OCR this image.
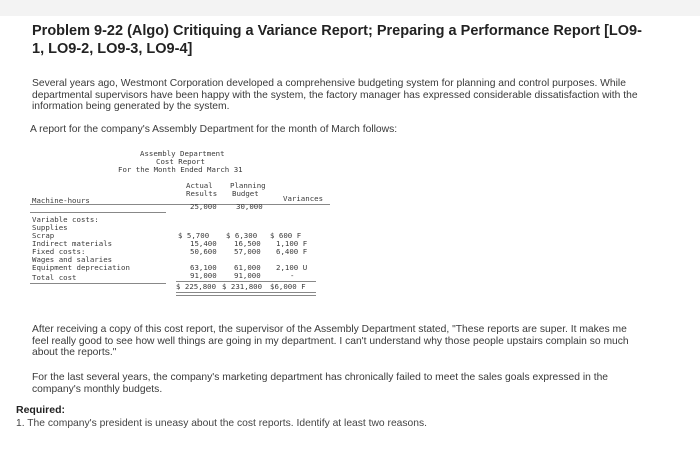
Problem 9-22 (Algo) Critiquing a Variance Report; Preparing a Performance Report [LO9-1, LO9-2, LO9-3, LO9-4]
Several years ago, Westmont Corporation developed a comprehensive budgeting system for planning and control purposes. While departmental supervisors have been happy with the system, the factory manager has expressed considerable dissatisfaction with the information being generated by the system.
A report for the company's Assembly Department for the month of March follows:
Assembly Department
Cost Report
For the Month Ended March 31
Actual
Results
Planning
Budget
Variances
Machine-hours
25,000	30,000
Variable costs:
Supplies
$ 5,700 $ 6,300 $ 600 F
Scrap
15,400 16,500 1,100 F
Indirect materials
50,600 57,000 6,400 F
Fixed costs:
Wages and salaries
63,100 61,000 2,100 U
Equipment depreciation
91,000 91,000	-
Total cost
$ 225,800 $ 231,800 $6,000 F
After receiving a copy of this cost report, the supervisor of the Assembly Department stated, "These reports are super. It makes me feel really good to see how well things are going in my department. I can't understand why those people upstairs complain so much about the reports."
For the last several years, the company's marketing department has chronically failed to meet the sales goals expressed in the company's monthly budgets.
Required:
1. The company's president is uneasy about the cost reports. Identify at least two reasons.
